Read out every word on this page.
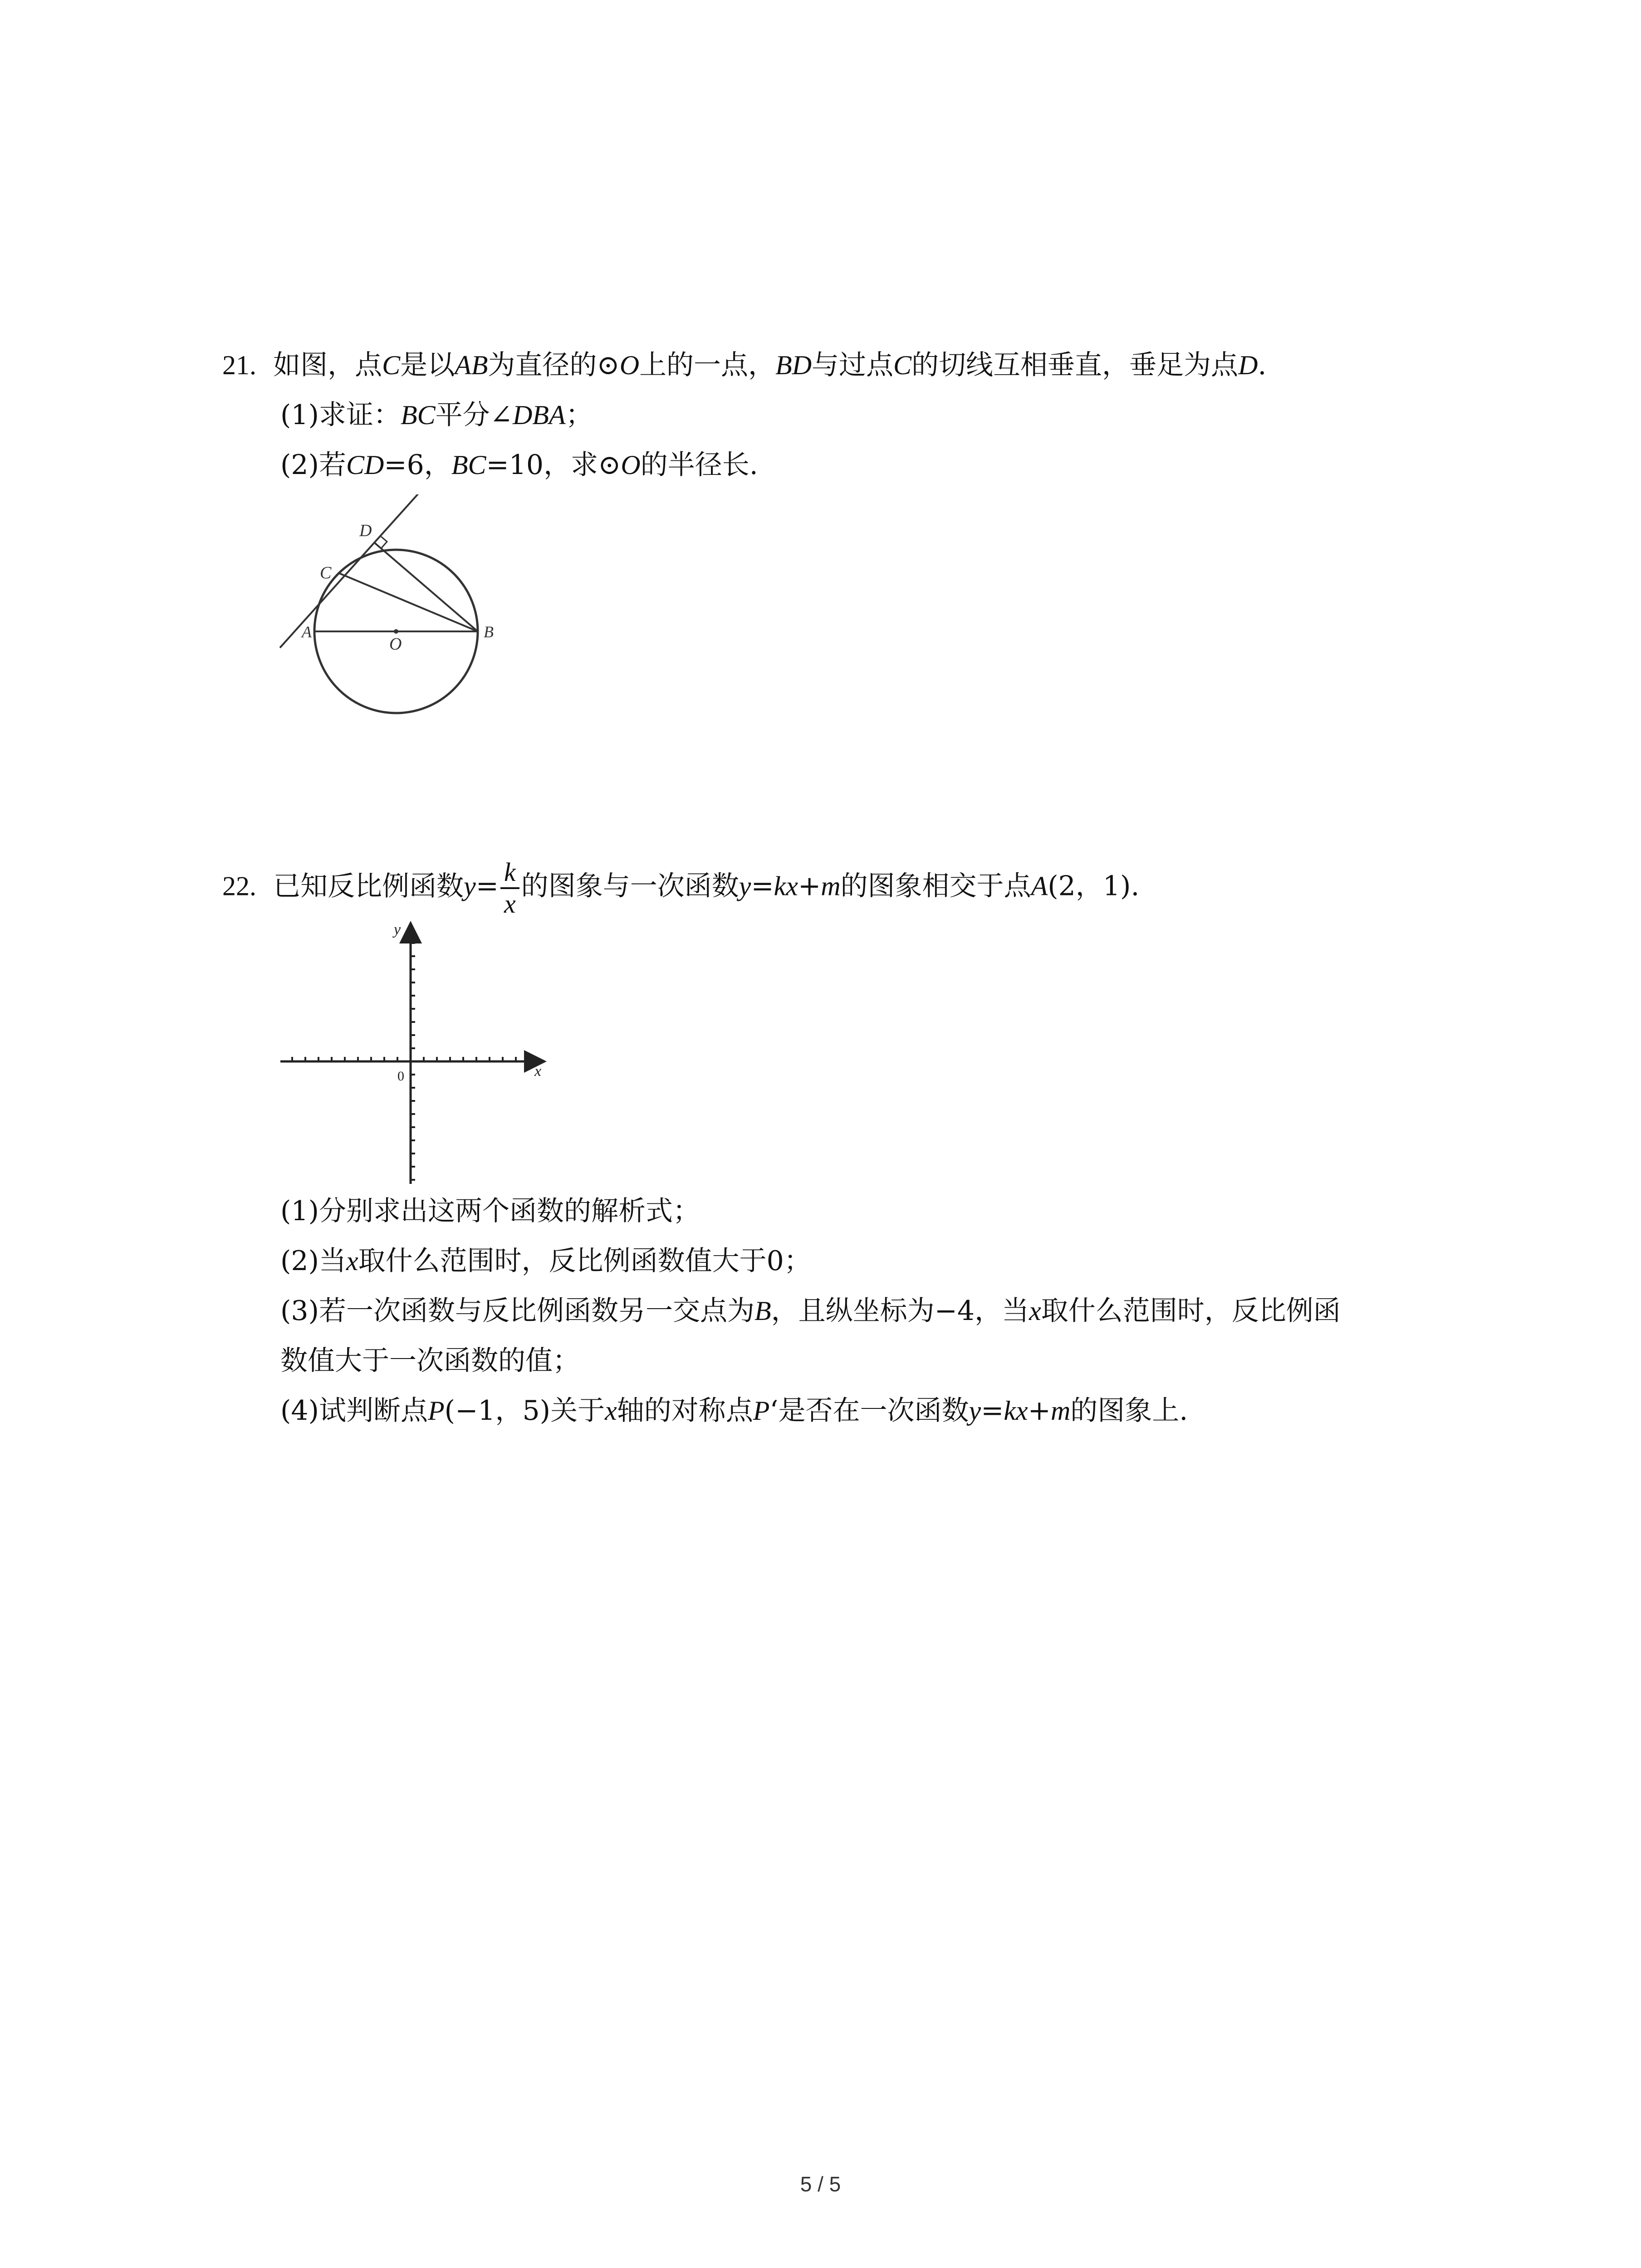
21. 如图，点C是以AB为直径的⊙O上的一点，BD与过点C的切线互相垂直，垂足为点D.
(1)求证：BC平分∠DBA；
(2)若CD=6，BC=10，求⊙O的半径长.
D
C
A
O
B
22. 已知反比例函数$y= \frac{k}{x}$ 的图象与一次函数y=kx+m的图象相交于点A(2，1).
y
x
0
(1)分别求出这两个函数的解析式；
(2)当x取什么范围时，反比例函数值大于0；
(3)若一次函数与反比例函数另一交点为B，且纵坐标为−4，当x取什么范围时，反比例函
数值大于一次函数的值；
(4)试判断点P(−1，5)关于x轴的对称点P‘是否在一次函数y=kx+m的图象上.
5 / 5
